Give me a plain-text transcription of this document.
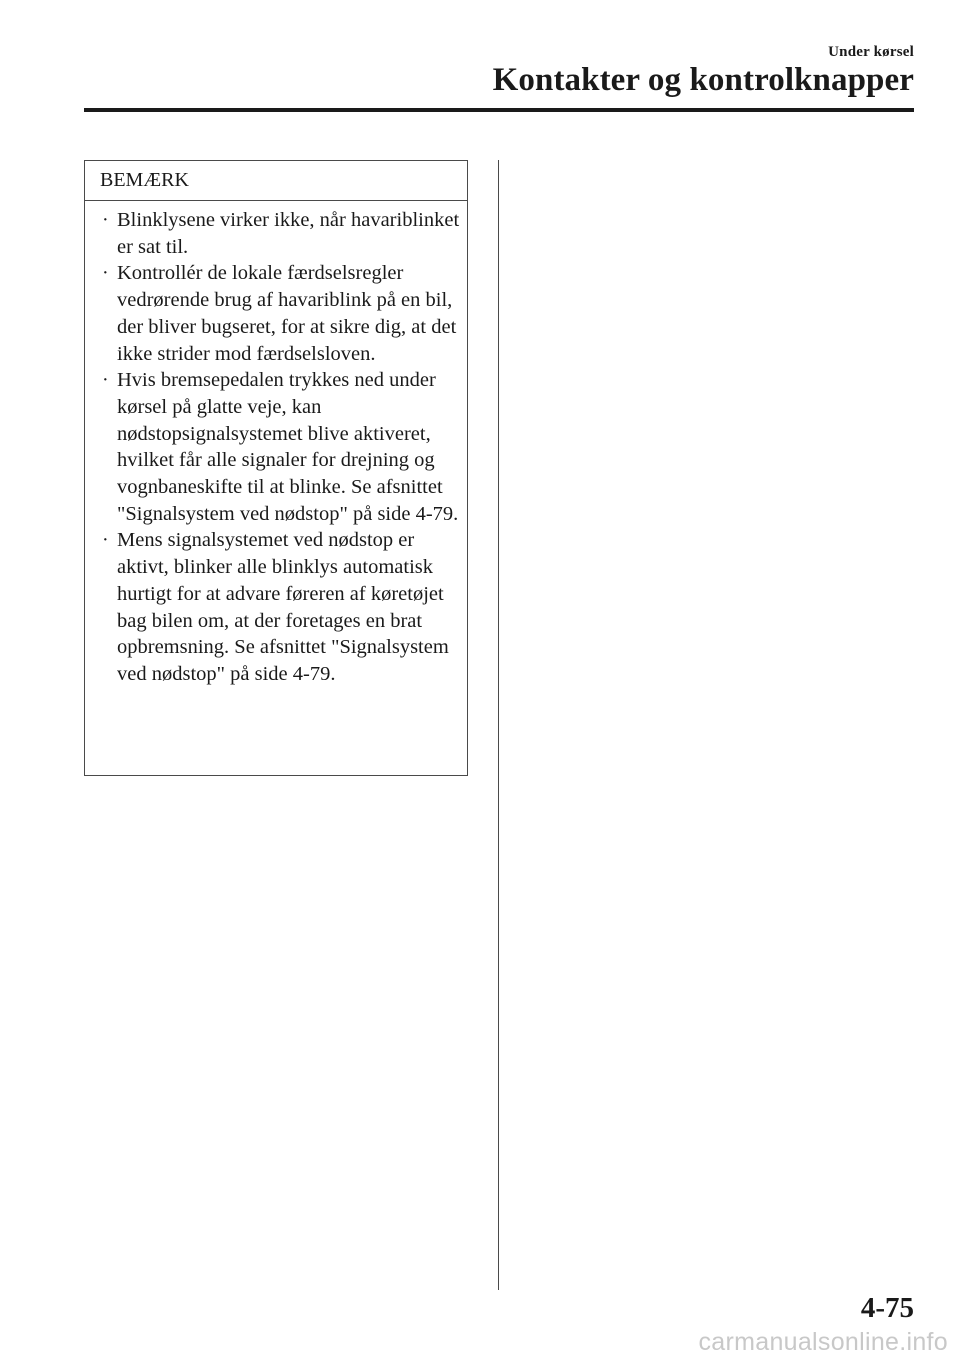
Under kørsel
Kontakter og kontrolknapper
BEMÆRK
· Blinklysene virker ikke, når havariblinket er sat til.
· Kontrollér de lokale færdselsregler vedrørende brug af havariblink på en bil, der bliver bugseret, for at sikre dig, at det ikke strider mod færdselsloven.
· Hvis bremsepedalen trykkes ned under kørsel på glatte veje, kan nødstopsignalsystemet blive aktiveret, hvilket får alle signaler for drejning og vognbaneskifte til at blinke. Se afsnittet "Signalsystem ved nødstop" på side 4-79.
· Mens signalsystemet ved nødstop er aktivt, blinker alle blinklys automatisk hurtigt for at advare føreren af køretøjet bag bilen om, at der foretages en brat opbremsning. Se afsnittet "Signalsystem ved nødstop" på side 4-79.
4-75
carmanualsonline.info
